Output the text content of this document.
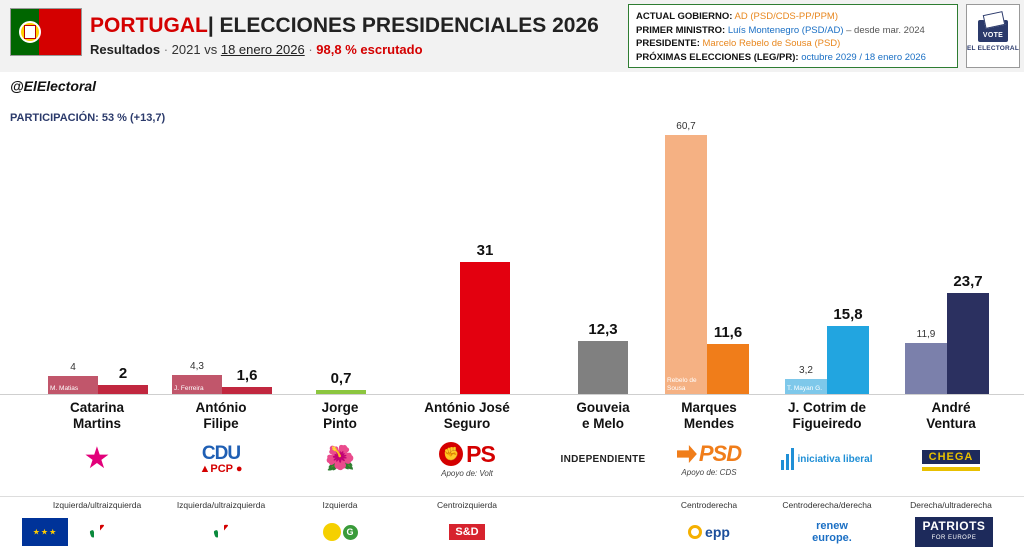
PORTUGAL| ELECCIONES PRESIDENCIALES 2026
Resultados · 2021 vs 18 enero 2026 · 98,8 % escrutado
ACTUAL GOBIERNO: AD (PSD/CDS-PP/PPM)
PRIMER MINISTRO: Luís Montenegro (PSD/AD) – desde mar. 2024
PRESIDENTE: Marcelo Rebelo de Sousa (PSD)
PRÓXIMAS ELECCIONES (LEG/PR): octubre 2029 / 18 enero 2026
VOTE
EL ELECTORAL
@ElElectoral
PARTICIPACIÓN: 53 % (+13,7)
4
M. Matias
2	4,3
J. Ferreira
1,6	0,7
31
12,3
60,7
Rebelo de Sousa
11,6
3,2
T. Mayan G.
15,8
11,9
23,7
Catarina
Martins
★
António
Filipe
CDU
▲PCP ●
Jorge
Pinto
🌺
António José
Seguro
✊
PS
Apoyo de: Volt
Gouveia
e Melo
INDEPENDIENTE
Marques
Mendes
PSD
Apoyo de: CDS
J. Cotrim de
Figueiredo
iniciativa liberal
André
Ventura
CHEGA
Izquierda/ultraizquierda	Izquierda/ultraizquierda	Izquierda	Centroizquierda	Centroderecha	Centroderecha/derecha	Derecha/ultraderecha
★★★
✔	✔	G	S&D	epp	renew
europe.
PATRIOTS
FOR EUROPE
